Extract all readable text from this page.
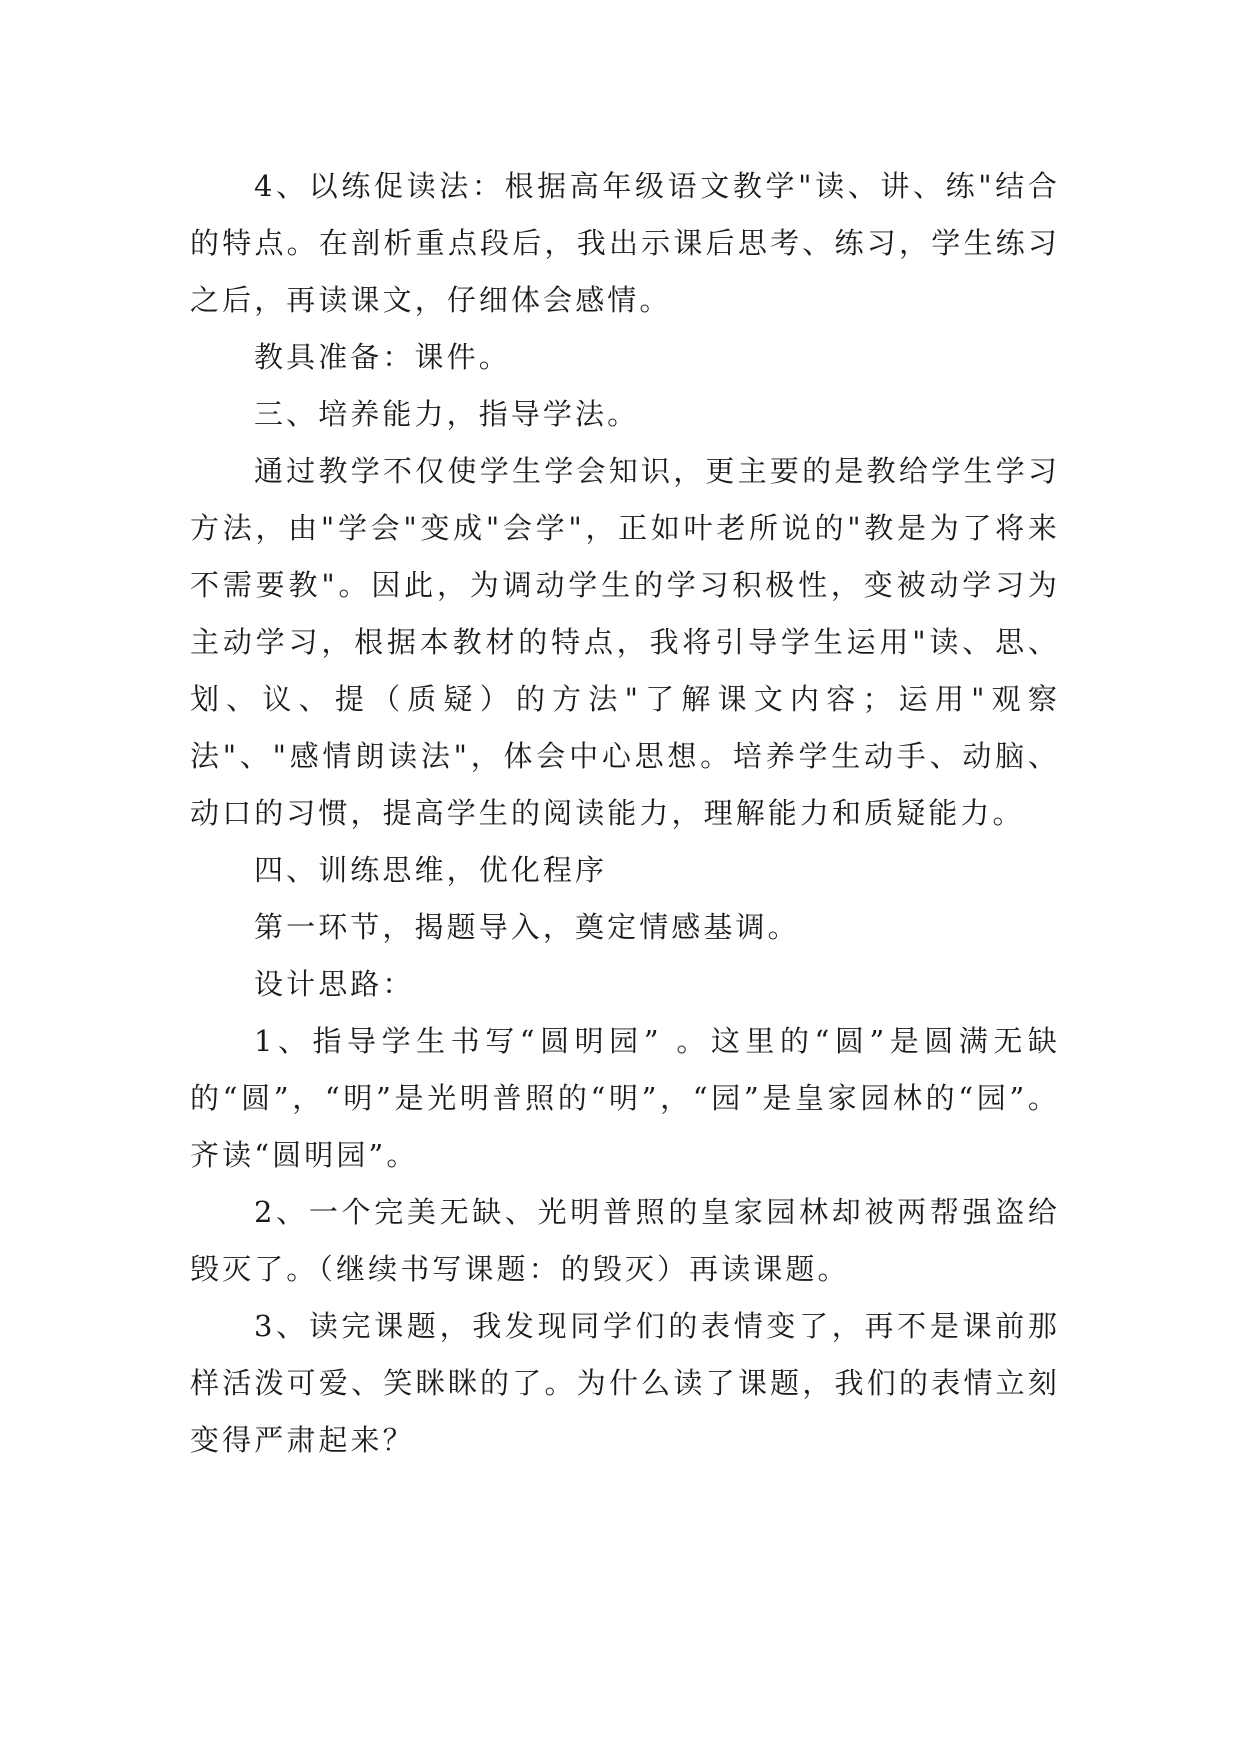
4、以练促读法：根据高年级语文教学"读、讲、练"结合的特点。在剖析重点段后，我出示课后思考、练习，学生练习之后，再读课文，仔细体会感情。

教具准备：课件。

三、培养能力，指导学法。

通过教学不仅使学生学会知识，更主要的是教给学生学习方法，由"学会"变成"会学"，正如叶老所说的"教是为了将来不需要教"。因此，为调动学生的学习积极性，变被动学习为主动学习，根据本教材的特点，我将引导学生运用"读、思、划、议、提（质疑）的方法"了解课文内容；运用"观察法"、"感情朗读法"，体会中心思想。培养学生动手、动脑、动口的习惯，提高学生的阅读能力，理解能力和质疑能力。

四、训练思维，优化程序

第一环节，揭题导入，奠定情感基调。

设计思路：

1、指导学生书写“圆明园” 。这里的“圆”是圆满无缺的“圆”，“明”是光明普照的“明”，“园”是皇家园林的“园”。齐读“圆明园”。

2、一个完美无缺、光明普照的皇家园林却被两帮强盗给毁灭了。（继续书写课题：的毁灭）再读课题。

3、读完课题，我发现同学们的表情变了，再不是课前那样活泼可爱、笑眯眯的了。为什么读了课题，我们的表情立刻变得严肃起来？
